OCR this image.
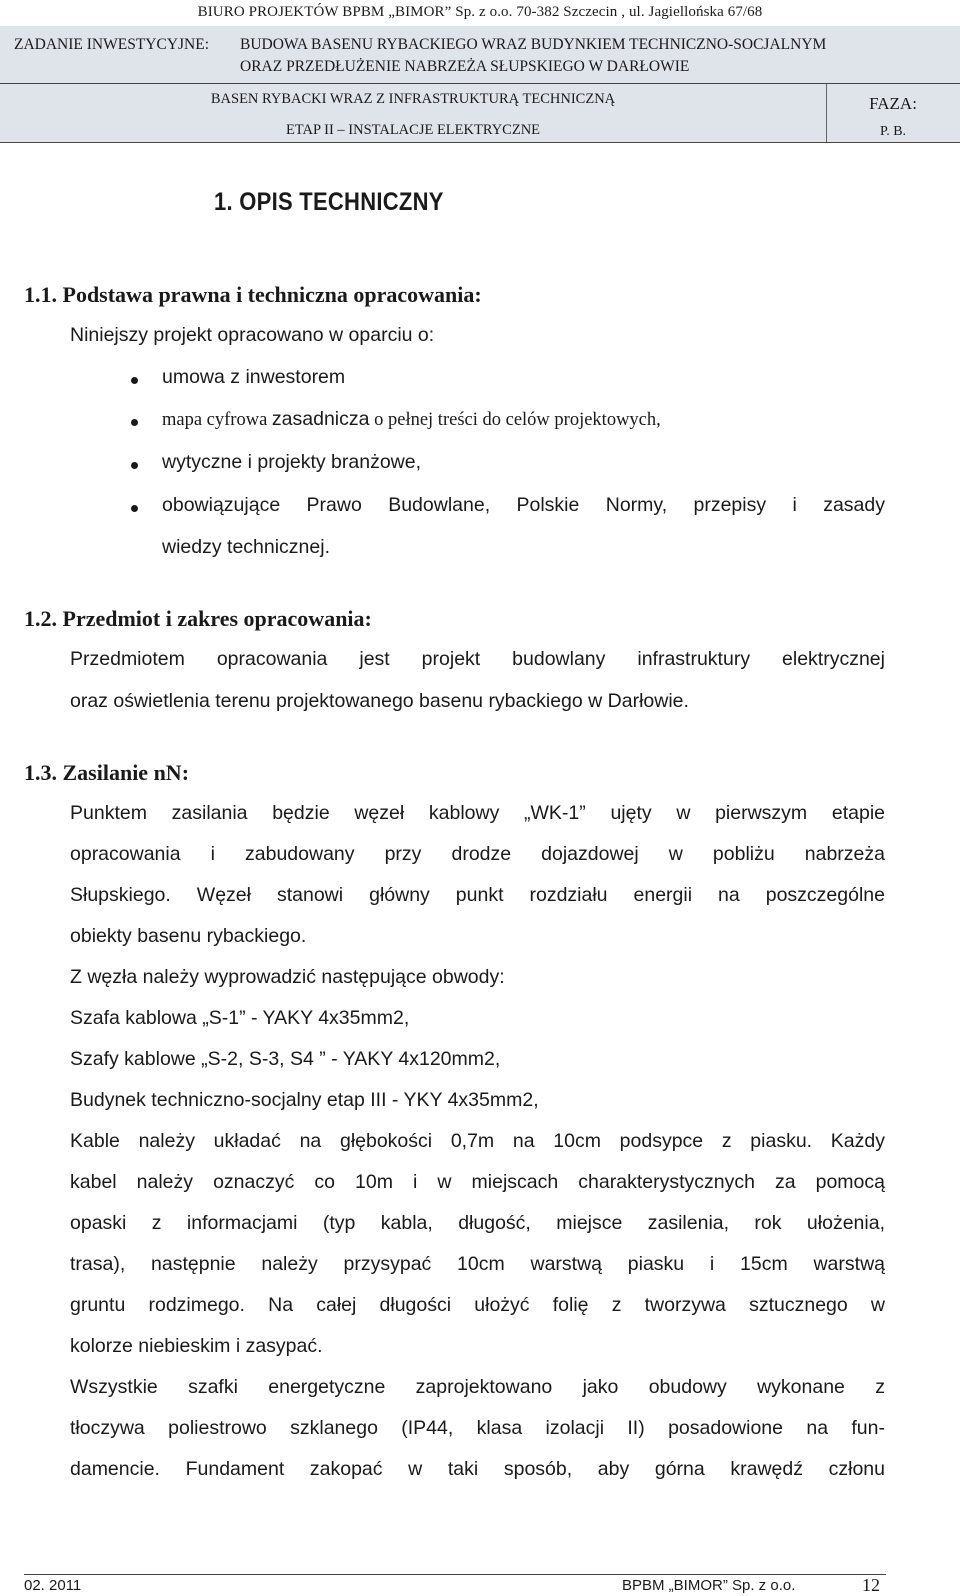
BIURO PROJEKTÓW BPBM „BIMOR” Sp. z o.o. 70-382 Szczecin , ul. Jagiellońska 67/68
ZADANIE INWESTYCYJNE: BUDOWA BASENU RYBACKIEGO WRAZ BUDYNKIEM TECHNICZNO-SOCJALNYM
ORAZ PRZEDŁUŻENIE NABRZEŻA SŁUPSKIEGO W DARŁOWIE
BASEN RYBACKI WRAZ Z INFRASTRUKTURĄ TECHNICZNĄ
ETAP II – INSTALACJE ELEKTRYCZNE
FAZA:
P. B.
1. OPIS TECHNICZNY
1.1. Podstawa prawna i techniczna opracowania:
Niniejszy projekt opracowano w oparciu o:
umowa z inwestorem
mapa cyfrowa zasadnicza o pełnej treści do celów projektowych,
wytyczne i projekty branżowe,
obowiązujące Prawo Budowlane, Polskie Normy, przepisy i zasady
wiedzy technicznej.
1.2. Przedmiot i zakres opracowania:
Przedmiotem opracowania jest projekt budowlany infrastruktury elektrycznej
oraz oświetlenia terenu projektowanego basenu rybackiego w Darłowie.
1.3. Zasilanie nN:
Punktem zasilania będzie węzeł kablowy „WK-1” ujęty w pierwszym etapie
opracowania i zabudowany przy drodze dojazdowej w pobliżu nabrzeża
Słupskiego. Węzeł stanowi główny punkt rozdziału energii na poszczególne
obiekty basenu rybackiego.
Z węzła należy wyprowadzić następujące obwody:
Szafa kablowa „S-1” - YAKY 4x35mm2,
Szafy kablowe „S-2, S-3, S4 ” - YAKY 4x120mm2,
Budynek techniczno-socjalny etap III - YKY 4x35mm2,
Kable należy układać na głębokości 0,7m na 10cm podsypce z piasku. Każdy
kabel należy oznaczyć co 10m i w miejscach charakterystycznych za pomocą
opaski z informacjami (typ kabla, długość, miejsce zasilenia, rok ułożenia,
trasa), następnie należy przysypać 10cm warstwą piasku i 15cm warstwą
gruntu rodzimego. Na całej długości ułożyć folię z tworzywa sztucznego w
kolorze niebieskim i zasypać.
Wszystkie szafki energetyczne zaprojektowano jako obudowy wykonane z
tłoczywa poliestrowo szklanego (IP44, klasa izolacji II) posadowione na fun-
damencie. Fundament zakopać w taki sposób, aby górna krawędź członu
02. 2011	BPBM „BIMOR” Sp. z o.o.	12
